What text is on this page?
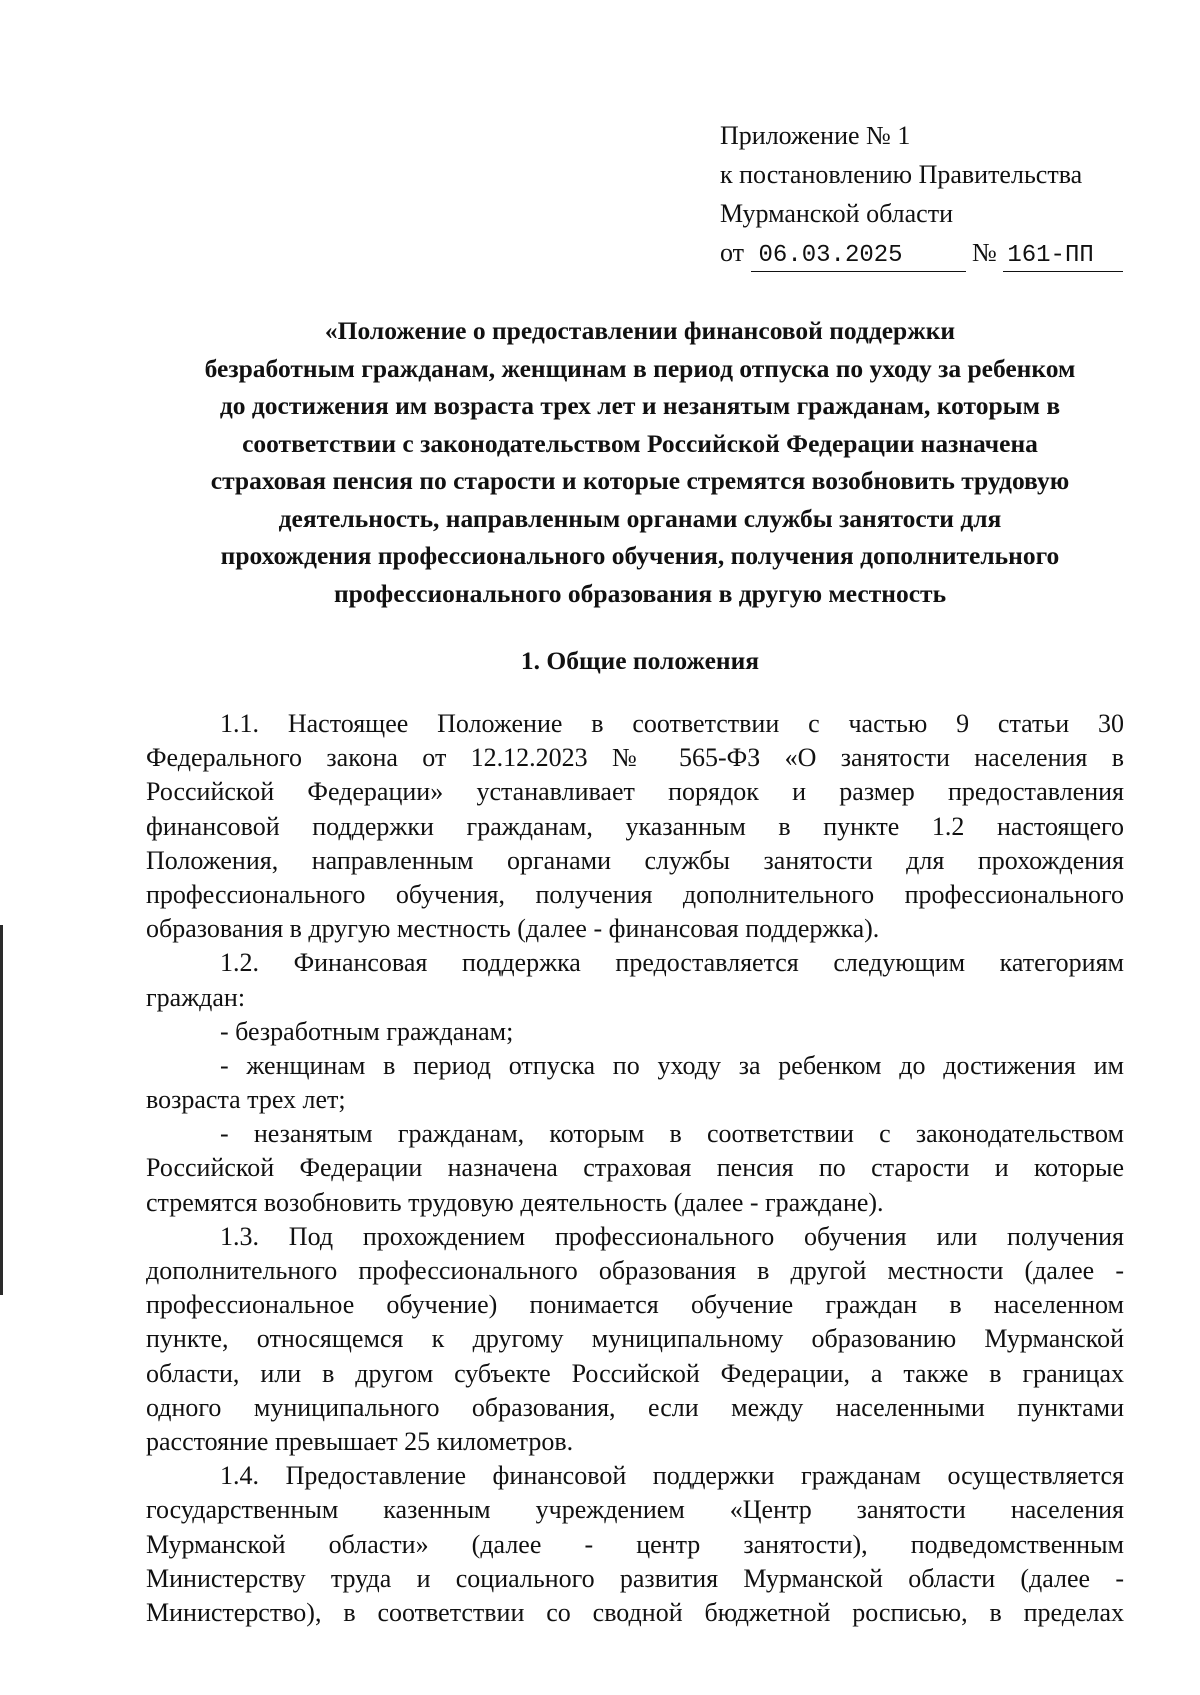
Приложение № 1
к постановлению Правительства
Мурманской области
от 06.03.2025	№ 161-ПП
«Положение о предоставлении финансовой поддержки
безработным гражданам, женщинам в период отпуска по уходу за ребенком
до достижения им возраста трех лет и незанятым гражданам, которым в
соответствии с законодательством Российской Федерации назначена
страховая пенсия по старости и которые стремятся возобновить трудовую
деятельность, направленным органами службы занятости для
прохождения профессионального обучения, получения дополнительного
профессионального образования в другую местность
1. Общие положения
1.1. Настоящее Положение в соответствии с частью 9 статьи 30
Федерального закона от 12.12.2023 № 565-ФЗ «О занятости населения в
Российской Федерации» устанавливает порядок и размер предоставления
финансовой поддержки гражданам, указанным в пункте 1.2 настоящего
Положения, направленным органами службы занятости для прохождения
профессионального обучения, получения дополнительного профессионального
образования в другую местность (далее - финансовая поддержка).
1.2. Финансовая поддержка предоставляется следующим категориям
граждан:
- безработным гражданам;
- женщинам в период отпуска по уходу за ребенком до достижения им
возраста трех лет;
- незанятым гражданам, которым в соответствии с законодательством
Российской Федерации назначена страховая пенсия по старости и которые
стремятся возобновить трудовую деятельность (далее - граждане).
1.3. Под прохождением профессионального обучения или получения
дополнительного профессионального образования в другой местности (далее -
профессиональное обучение) понимается обучение граждан в населенном
пункте, относящемся к другому муниципальному образованию Мурманской
области, или в другом субъекте Российской Федерации, а также в границах
одного муниципального образования, если между населенными пунктами
расстояние превышает 25 километров.
1.4. Предоставление финансовой поддержки гражданам осуществляется
государственным казенным учреждением «Центр занятости населения
Мурманской области» (далее - центр занятости), подведомственным
Министерству труда и социального развития Мурманской области (далее -
Министерство), в соответствии со сводной бюджетной росписью, в пределах
